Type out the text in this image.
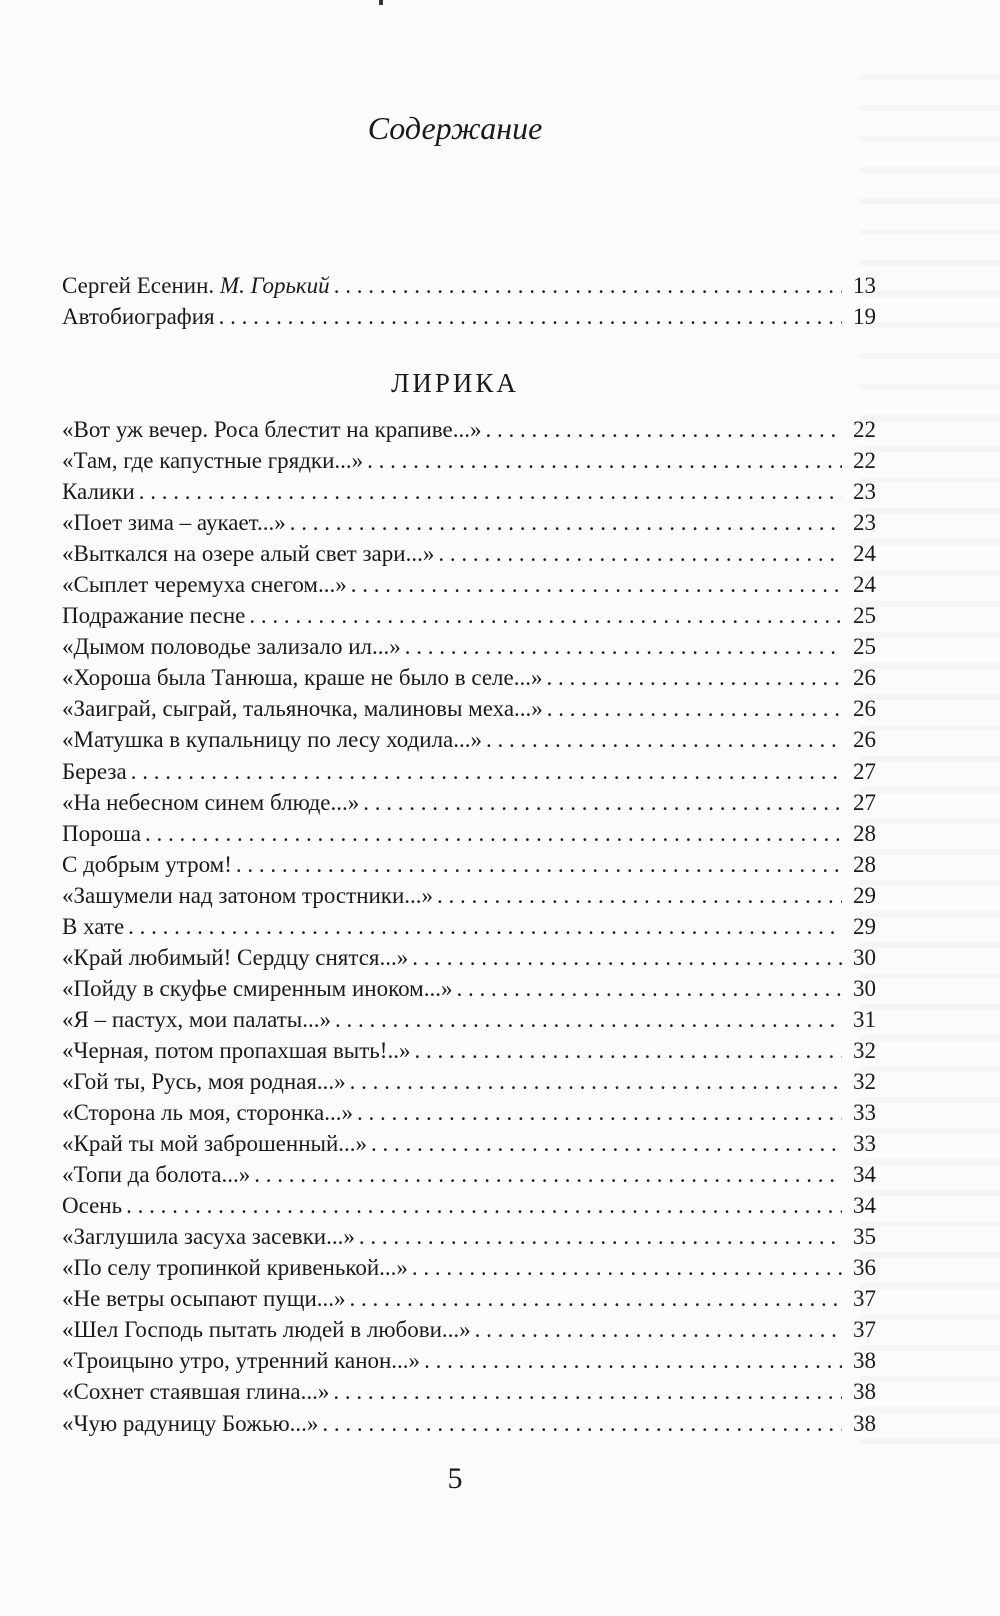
Содержание
Сергей Есенин. М. Горький . . .	13
Автобиография . . .	19
ЛИРИКА
«Вот уж вечер. Роса блестит на крапиве...» . . .	22
«Там, где капустные грядки...» . . .	22
Калики . . .	23
«Поет зима – аукает...» . . .	23
«Выткался на озере алый свет зари...» . . .	24
«Сыплет черемуха снегом...» . . .	24
Подражание песне . . .	25
«Дымом половодье зализало ил...» . . .	25
«Хороша была Танюша, краше не было в селе...» . . .	26
«Заиграй, сыграй, тальяночка, малиновы меха...» . . .	26
«Матушка в купальницу по лесу ходила...» . . .	26
Береза . . .	27
«На небесном синем блюде...» . . .	27
Пороша . . .	28
С добрым утром! . . .	28
«Зашумели над затоном тростники...» . . .	29
В хате . . .	29
«Край любимый! Сердцу снятся...» . . .	30
«Пойду в скуфье смиренным иноком...» . . .	30
«Я – пастух, мои палаты...» . . .	31
«Черная, потом пропахшая выть!..» . . .	32
«Гой ты, Русь, моя родная...» . . .	32
«Сторона ль моя, сторонка...» . . .	33
«Край ты мой заброшенный...» . . .	33
«Топи да болота...» . . .	34
Осень . . .	34
«Заглушила засуха засевки...» . . .	35
«По селу тропинкой кривенькой...» . . .	36
«Не ветры осыпают пущи...» . . .	37
«Шел Господь пытать людей в любови...» . . .	37
«Троицыно утро, утренний канон...» . . .	38
«Сохнет стаявшая глина...» . . .	38
«Чую радуницу Божью...» . . .	38
5
